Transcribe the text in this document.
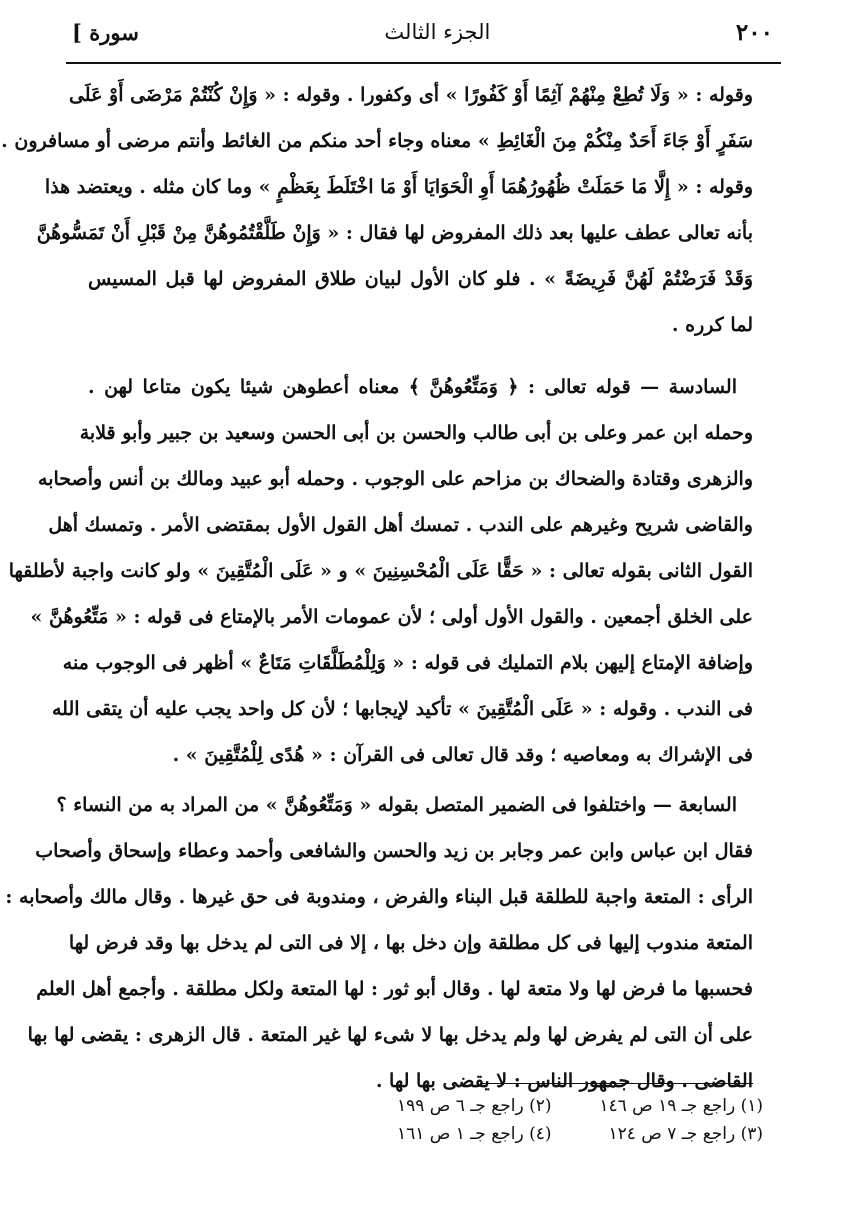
[ سورة	الجزء الثالث	٢٠٠
وقوله : « وَلَا تُطِعْ مِنْهُمْ آثِمًا أَوْ كَفُورًا » أى وكفورا . وقوله : « وَإِنْ كُنْتُمْ مَرْضَى أَوْ عَلَى
سَفَرٍ أَوْ جَاءَ أَحَدٌ مِنْكُمْ مِنَ الْغَائِطِ » معناه وجاء أحد منكم من الغائط وأنتم مرضى أو مسافرون .
وقوله : « إِلَّا مَا حَمَلَتْ ظُهُورُهُمَا أَوِ الْحَوَايَا أَوْ مَا اخْتَلَطَ بِعَظْمٍ » وما كان مثله . ويعتضد هذا
بأنه تعالى عطف عليها بعد ذلك المفروض لها فقال : « وَإِنْ طَلَّقْتُمُوهُنَّ مِنْ قَبْلِ أَنْ تَمَسُّوهُنَّ
وَقَدْ فَرَضْتُمْ لَهُنَّ فَرِيضَةً » . فلو كان الأول لبيان طلاق المفروض لها قبل المسيس
لما كرره .
السادسة — قوله تعالى : ﴿ وَمَتِّعُوهُنَّ ﴾ معناه أعطوهن شيئا يكون متاعا لهن .
وحمله ابن عمر وعلى بن أبى طالب والحسن بن أبى الحسن وسعيد بن جبير وأبو قلابة
والزهرى وقتادة والضحاك بن مزاحم على الوجوب . وحمله أبو عبيد ومالك بن أنس وأصحابه
والقاضى شريح وغيرهم على الندب . تمسك أهل القول الأول بمقتضى الأمر . وتمسك أهل
القول الثانى بقوله تعالى : « حَقًّا عَلَى الْمُحْسِنِينَ » و « عَلَى الْمُتَّقِينَ » ولو كانت واجبة لأطلقها
على الخلق أجمعين . والقول الأول أولى ؛ لأن عمومات الأمر بالإمتاع فى قوله : « مَتِّعُوهُنَّ »
وإضافة الإمتاع إليهن بلام التمليك فى قوله : « وَلِلْمُطَلَّقَاتِ مَتَاعٌ » أظهر فى الوجوب منه
فى الندب . وقوله : « عَلَى الْمُتَّقِينَ » تأكيد لإيجابها ؛ لأن كل واحد يجب عليه أن يتقى الله
فى الإشراك به ومعاصيه ؛ وقد قال تعالى فى القرآن : « هُدًى لِلْمُتَّقِينَ » .
السابعة — واختلفوا فى الضمير المتصل بقوله « وَمَتِّعُوهُنَّ » من المراد به من النساء ؟
فقال ابن عباس وابن عمر وجابر بن زيد والحسن والشافعى وأحمد وعطاء وإسحاق وأصحاب
الرأى : المتعة واجبة للطلقة قبل البناء والفرض ، ومندوبة فى حق غيرها . وقال مالك وأصحابه :
المتعة مندوب إليها فى كل مطلقة وإن دخل بها ، إلا فى التى لم يدخل بها وقد فرض لها
فحسبها ما فرض لها ولا متعة لها . وقال أبو ثور : لها المتعة ولكل مطلقة . وأجمع أهل العلم
على أن التى لم يفرض لها ولم يدخل بها لا شىء لها غير المتعة . قال الزهرى : يقضى لها بها
القاضى . وقال جمهور الناس : لا يقضى بها لها .
(١) راجع جـ ١٩ ص ١٤٦
(٢) راجع جـ ٦ ص ١٩٩
(٣) راجع جـ ٧ ص ١٢٤
(٤) راجع جـ ١ ص ١٦١
